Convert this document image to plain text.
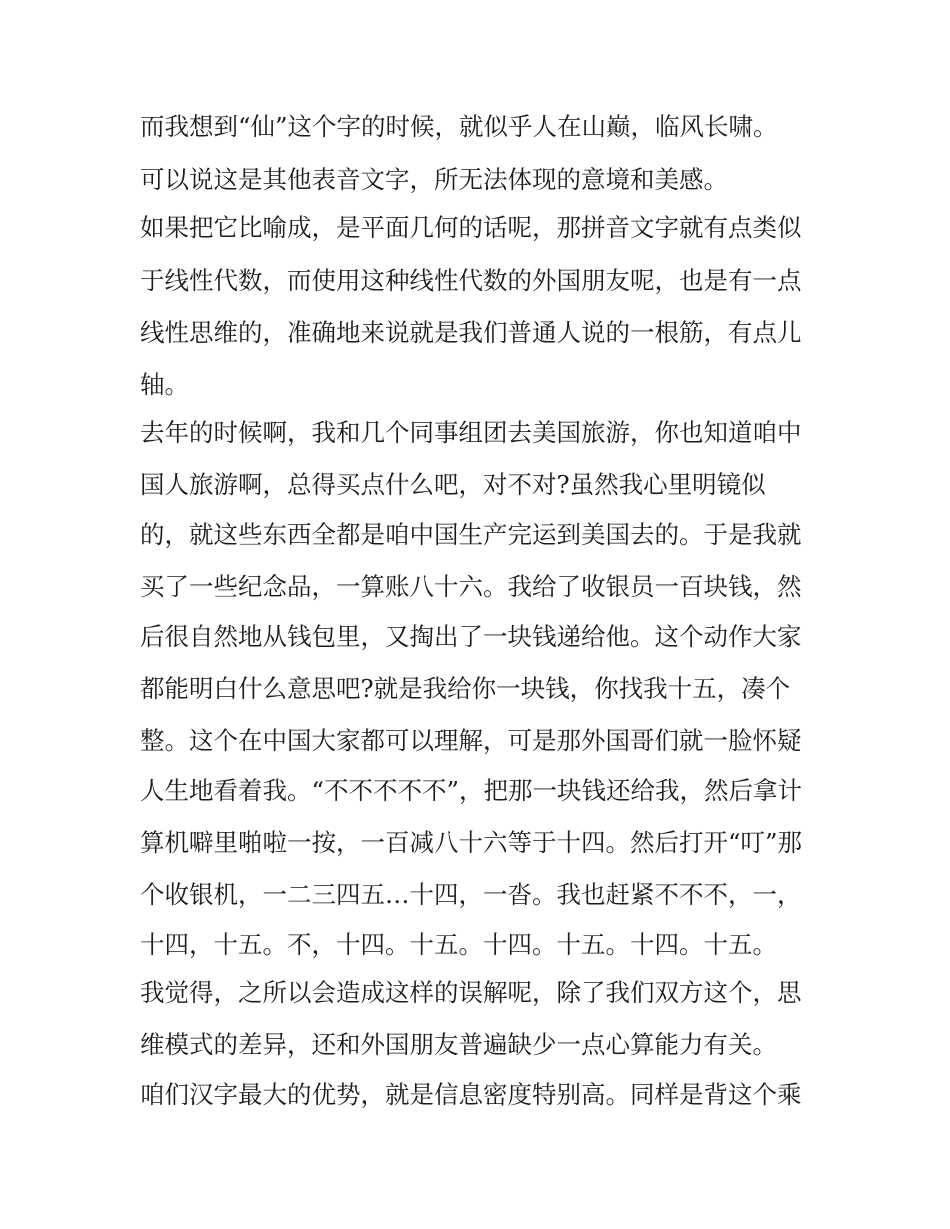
而我想到“仙”这个字的时候，就似乎人在山巅，临风长啸。
可以说这是其他表音文字，所无法体现的意境和美感。
如果把它比喻成，是平面几何的话呢，那拼音文字就有点类似
于线性代数，而使用这种线性代数的外国朋友呢，也是有一点
线性思维的，准确地来说就是我们普通人说的一根筋，有点儿
轴。
去年的时候啊，我和几个同事组团去美国旅游，你也知道咱中
国人旅游啊，总得买点什么吧，对不对?虽然我心里明镜似
的，就这些东西全都是咱中国生产完运到美国去的。于是我就
买了一些纪念品，一算账八十六。我给了收银员一百块钱，然
后很自然地从钱包里，又掏出了一块钱递给他。这个动作大家
都能明白什么意思吧?就是我给你一块钱，你找我十五，凑个
整。这个在中国大家都可以理解，可是那外国哥们就一脸怀疑
人生地看着我。“不不不不不”，把那一块钱还给我，然后拿计
算机噼里啪啦一按，一百减八十六等于十四。然后打开“叮”那
个收银机，一二三四五…十四，一沓。我也赶紧不不不，一，
十四，十五。不，十四。十五。十四。十五。十四。十五。
我觉得，之所以会造成这样的误解呢，除了我们双方这个，思
维模式的差异，还和外国朋友普遍缺少一点心算能力有关。
咱们汉字最大的优势，就是信息密度特别高。同样是背这个乘
